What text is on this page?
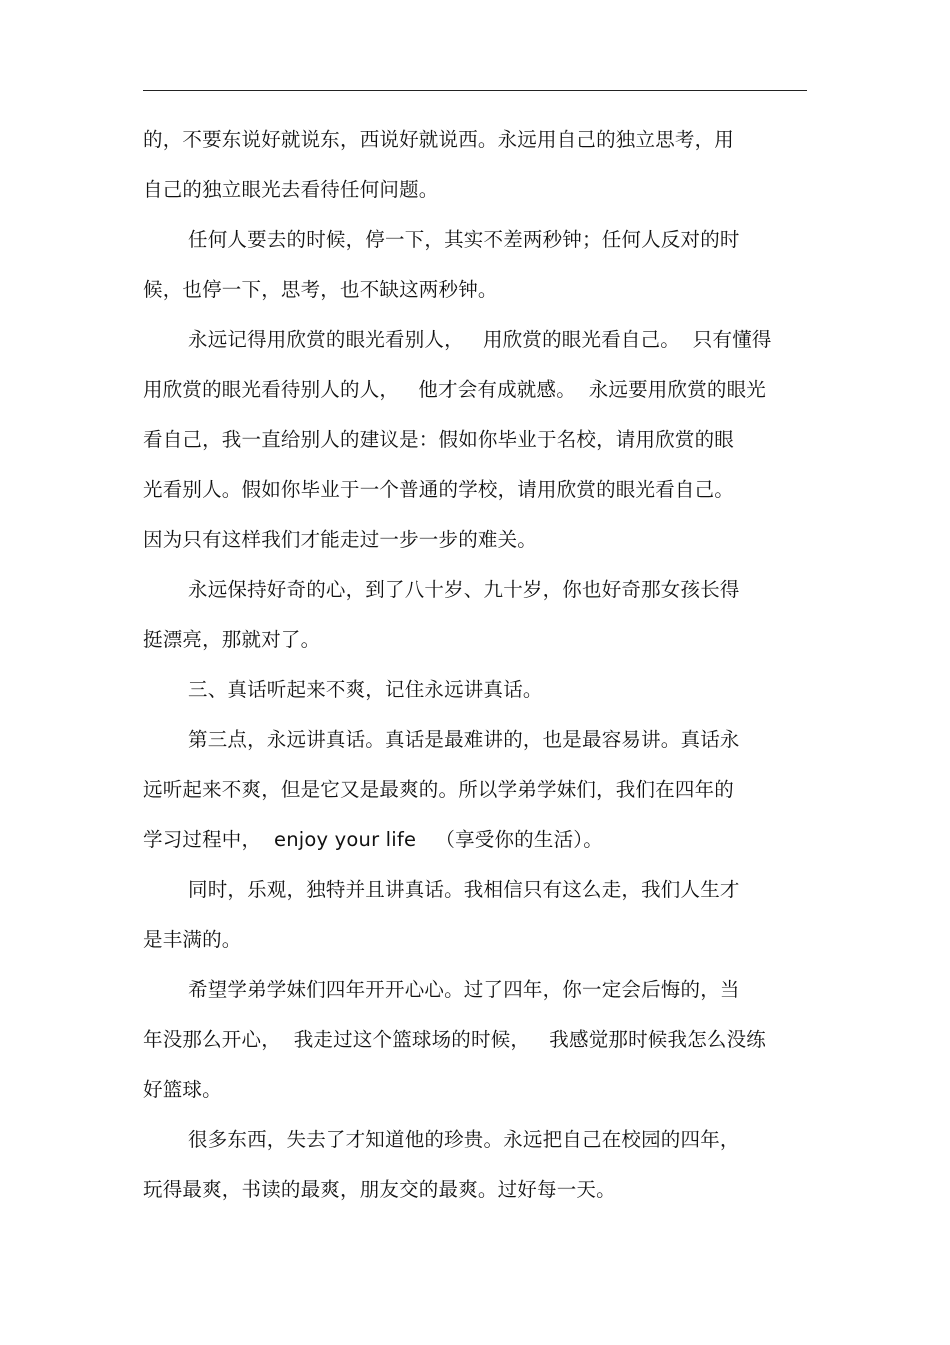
的，不要东说好就说东，西说好就说西。永远用自己的独立思考，用
自己的独立眼光去看待任何问题。
任何人要去的时候，停一下，其实不差两秒钟；任何人反对的时
候，也停一下，思考，也不缺这两秒钟。
永远记得用欣赏的眼光看别人，   用欣赏的眼光看自己。  只有懂得
用欣赏的眼光看待别人的人，   他才会有成就感。  永远要用欣赏的眼光
看自己，我一直给别人的建议是：假如你毕业于名校，请用欣赏的眼
光看别人。假如你毕业于一个普通的学校，请用欣赏的眼光看自己。
因为只有这样我们才能走过一步一步的难关。
永远保持好奇的心，到了八十岁、九十岁，你也好奇那女孩长得
挺漂亮，那就对了。
三、真话听起来不爽，记住永远讲真话。
第三点，永远讲真话。真话是最难讲的，也是最容易讲。真话永
远听起来不爽，但是它又是最爽的。所以学弟学妹们，我们在四年的
学习过程中，  enjoy your life   （享受你的生活）。
同时，乐观，独特并且讲真话。我相信只有这么走，我们人生才
是丰满的。
希望学弟学妹们四年开开心心。过了四年，你一定会后悔的，当
年没那么开心，  我走过这个篮球场的时候，   我感觉那时候我怎么没练
好篮球。
很多东西，失去了才知道他的珍贵。永远把自己在校园的四年，
玩得最爽，书读的最爽，朋友交的最爽。过好每一天。
